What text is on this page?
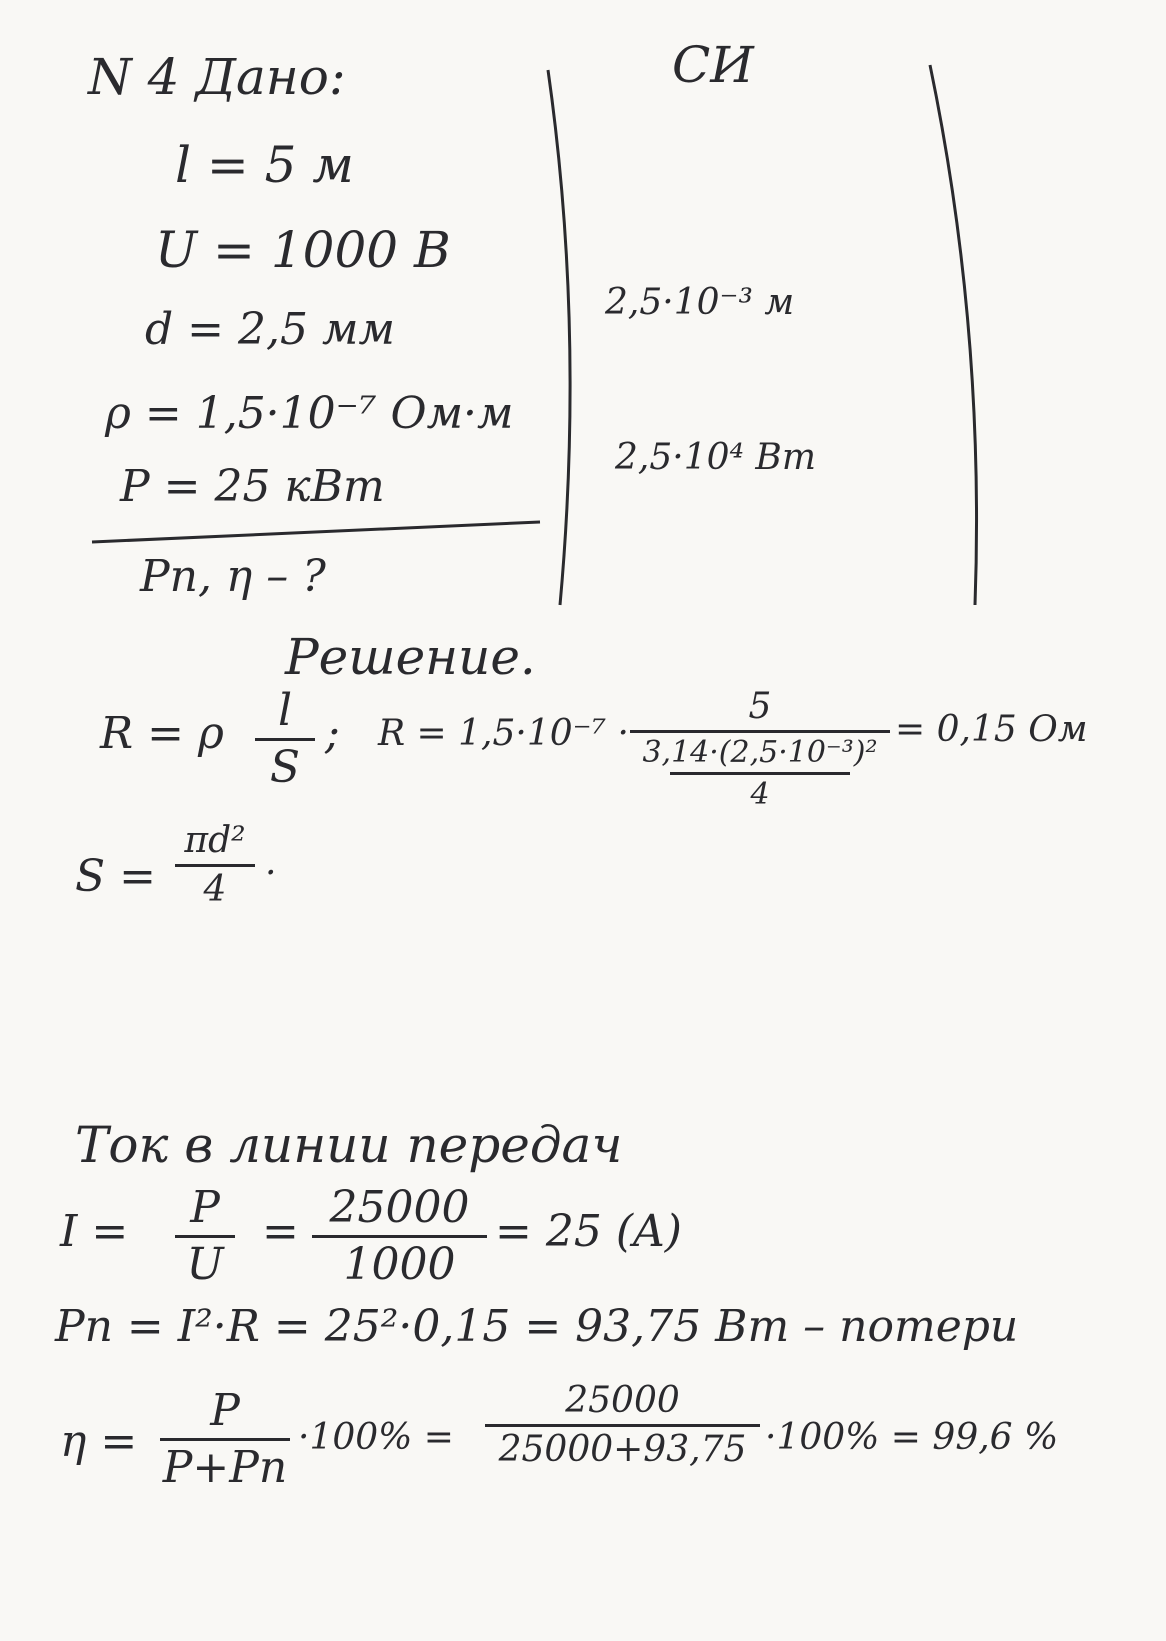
N 4 Дано:
l = 5 м
U = 1000 В
d = 2,5 мм
ρ = 1,5·10⁻⁷ Ом·м
P = 25 кВт
Pп, η – ?
СИ
2,5·10⁻³ м
2,5·10⁴ Вт
Решение.
R = ρ	l
S
; R = 1,5·10⁻⁷ ·
5
3,14·(2,5·10⁻³)²
4
= 0,15 Ом
S =
πd²
4
.
Ток в линии передач
I =	P
U
= 25000
1000
= 25 (A)
Pп = I²·R = 25²·0,15 = 93,75 Вт – потери
η =
P
P+Pп
·100% =
25000
25000+93,75 ·100% = 99,6 %
